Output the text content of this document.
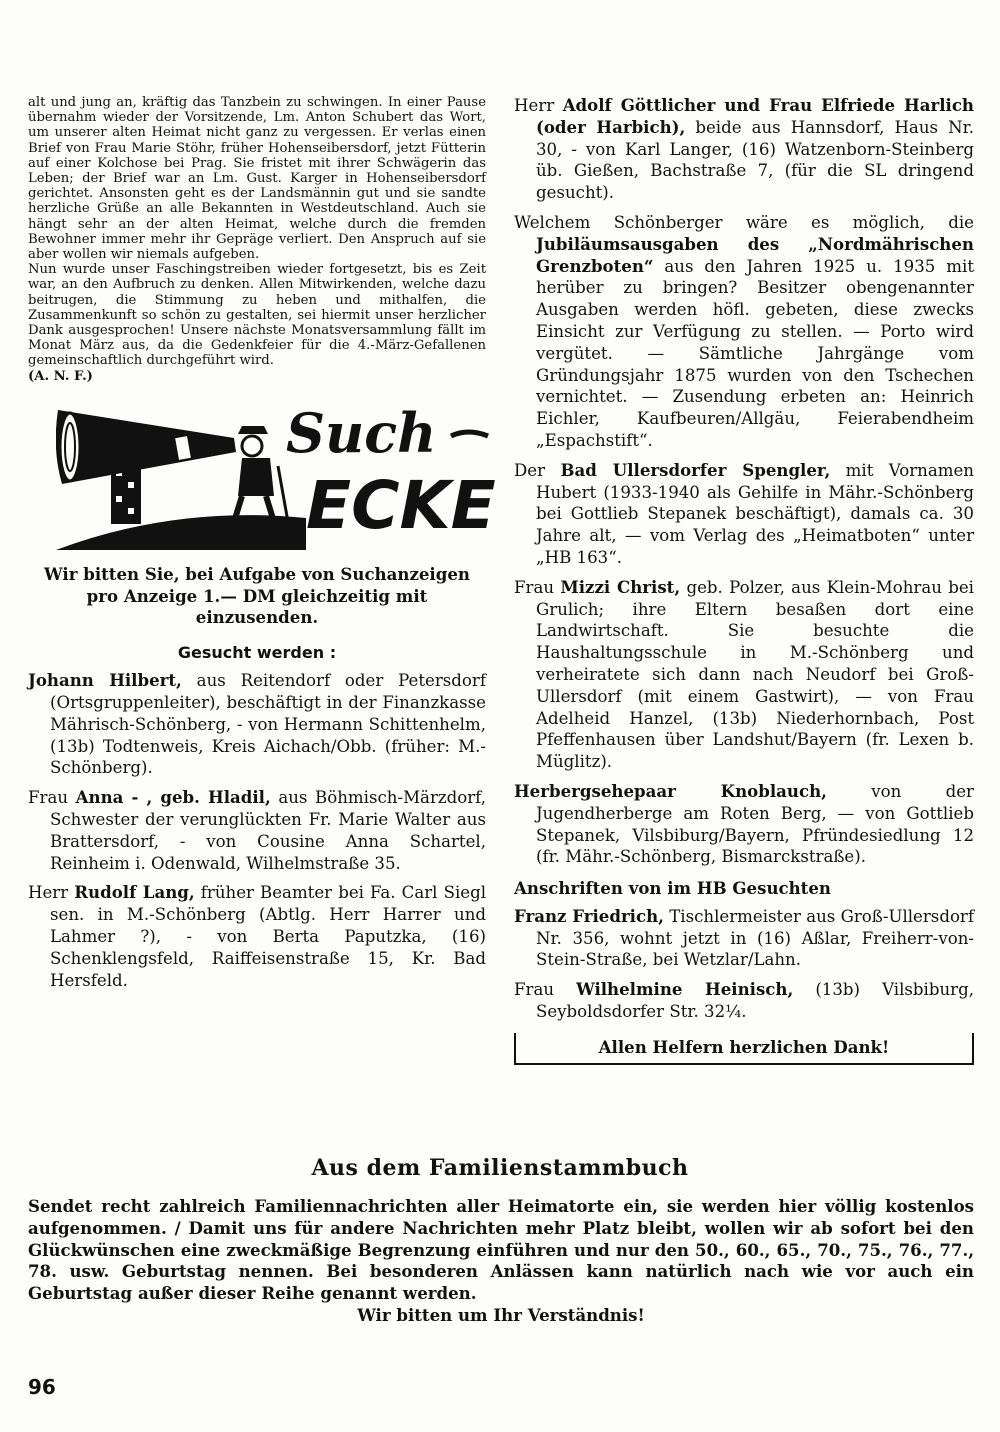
alt und jung an, kräftig das Tanzbein zu schwingen. In einer Pause übernahm wieder der Vorsitzende, Lm. Anton Schubert das Wort, um unserer alten Heimat nicht ganz zu vergessen. Er verlas einen Brief von Frau Marie Stöhr, früher Hohenseibersdorf, jetzt Fütterin auf einer Kolchose bei Prag. Sie fristet mit ihrer Schwägerin das Leben; der Brief war an Lm. Gust. Karger in Hohenseibersdorf gerichtet. Ansonsten geht es der Landsmännin gut und sie sandte herzliche Grüße an alle Bekannten in Westdeutschland. Auch sie hängt sehr an der alten Heimat, welche durch die fremden Bewohner immer mehr ihr Gepräge verliert. Den Anspruch auf sie aber wollen wir niemals aufgeben.

Nun wurde unser Faschingstreiben wieder fortgesetzt, bis es Zeit war, an den Aufbruch zu denken. Allen Mitwirkenden, welche dazu beitrugen, die Stimmung zu heben und mithalfen, die Zusammenkunft so schön zu gestalten, sei hiermit unser herzlicher Dank ausgesprochen! Unsere nächste Monatsversammlung fällt im Monat März aus, da die Gedenkfeier für die 4.-März-Gefallenen gemeinschaftlich durchgeführt wird.

(A. N. F.)

Such
ECKE
Wir bitten Sie, bei Aufgabe von Suchanzeigen pro Anzeige 1.— DM gleichzeitig mit einzusenden.
Gesucht werden :
Johann Hilbert, aus Reitendorf oder Petersdorf (Ortsgruppenleiter), beschäftigt in der Finanzkasse Mährisch-Schönberg, - von Hermann Schittenhelm, (13b) Todtenweis, Kreis Aichach/Obb. (früher: M.-Schönberg).
Frau Anna - , geb. Hladil, aus Böhmisch-Märzdorf, Schwester der verunglückten Fr. Marie Walter aus Brattersdorf, - von Cousine Anna Schartel, Reinheim i. Odenwald, Wilhelmstraße 35.
Herr Rudolf Lang, früher Beamter bei Fa. Carl Siegl sen. in M.-Schönberg (Abtlg. Herr Harrer und Lahmer ?), - von Berta Paputzka, (16) Schenklengsfeld, Raiffeisenstraße 15, Kr. Bad Hersfeld.
Herr Adolf Göttlicher und Frau Elfriede Harlich (oder Harbich), beide aus Hannsdorf, Haus Nr. 30, - von Karl Langer, (16) Watzenborn-Steinberg üb. Gießen, Bachstraße 7, (für die SL dringend gesucht).
Welchem Schönberger wäre es möglich, die Jubiläumsausgaben des „Nordmährischen Grenzboten“ aus den Jahren 1925 u. 1935 mit herüber zu bringen? Besitzer obengenannter Ausgaben werden höfl. gebeten, diese zwecks Einsicht zur Verfügung zu stellen. — Porto wird vergütet. — Sämtliche Jahrgänge vom Gründungsjahr 1875 wurden von den Tschechen vernichtet. — Zusendung erbeten an: Heinrich Eichler, Kaufbeuren/Allgäu, Feierabendheim „Espachstift“.
Der Bad Ullersdorfer Spengler, mit Vornamen Hubert (1933-1940 als Gehilfe in Mähr.-Schönberg bei Gottlieb Stepanek beschäftigt), damals ca. 30 Jahre alt, — vom Verlag des „Heimatboten“ unter „HB 163“.
Frau Mizzi Christ, geb. Polzer, aus Klein-Mohrau bei Grulich; ihre Eltern besaßen dort eine Landwirtschaft. Sie besuchte die Haushaltungsschule in M.-Schönberg und verheiratete sich dann nach Neudorf bei Groß-Ullersdorf (mit einem Gastwirt), — von Frau Adelheid Hanzel, (13b) Niederhornbach, Post Pfeffenhausen über Landshut/Bayern (fr. Lexen b. Müglitz).
Herbergsehepaar Knoblauch, von der Jugendherberge am Roten Berg, — von Gottlieb Stepanek, Vilsbiburg/Bayern, Pfründesiedlung 12 (fr. Mähr.-Schönberg, Bismarckstraße).
Anschriften von im HB Gesuchten
Franz Friedrich, Tischlermeister aus Groß-Ullersdorf Nr. 356, wohnt jetzt in (16) Aßlar, Freiherr-von-Stein-Straße, bei Wetzlar/Lahn.
Frau Wilhelmine Heinisch, (13b) Vilsbiburg, Seyboldsdorfer Str. 32¼.
Allen Helfern herzlichen Dank!
Aus dem Familienstammbuch
Sendet recht zahlreich Familiennachrichten aller Heimatorte ein, sie werden hier völlig kostenlos aufgenommen. / Damit uns für andere Nachrichten mehr Platz bleibt, wollen wir ab sofort bei den Glückwünschen eine zweckmäßige Begrenzung einführen und nur den 50., 60., 65., 70., 75., 76., 77., 78. usw. Geburtstag nennen. Bei besonderen Anlässen kann natürlich nach wie vor auch ein Geburtstag außer dieser Reihe genannt werden.
Wir bitten um Ihr Verständnis!
96
